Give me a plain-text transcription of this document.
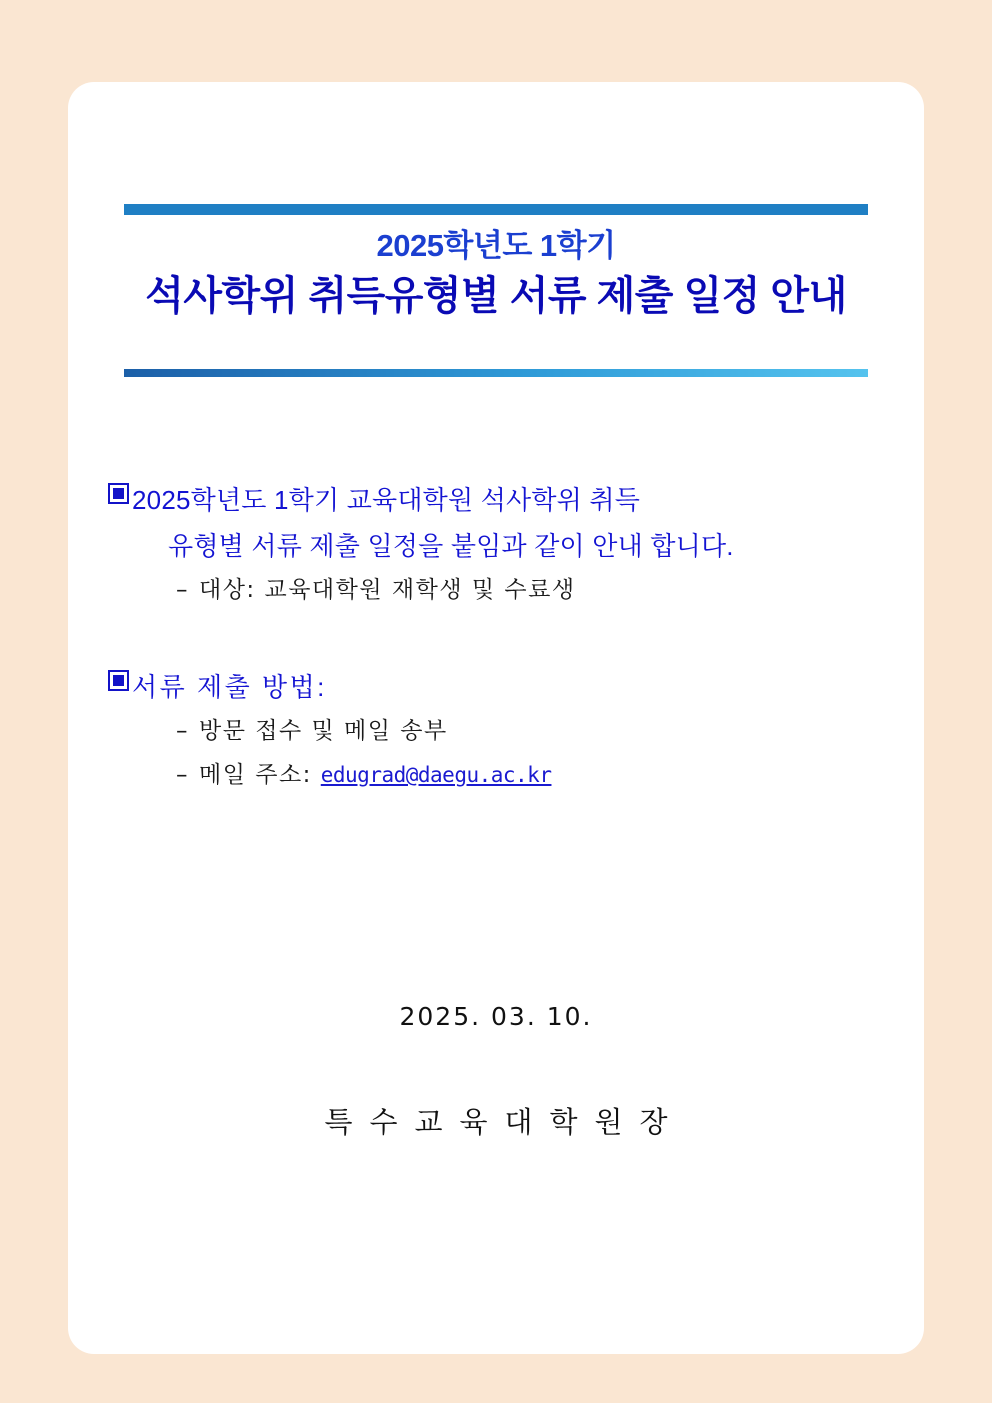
2025학년도 1학기
석사학위 취득유형별 서류 제출 일정 안내
2025학년도 1학기 교육대학원 석사학위 취득
유형별 서류 제출 일정을 붙임과 같이 안내 합니다.
– 대상: 교육대학원 재학생 및 수료생
서류 제출 방법:
– 방문 접수 및 메일 송부
– 메일 주소: edugrad@daegu.ac.kr
2025. 03. 10.
특수교육대학원장
